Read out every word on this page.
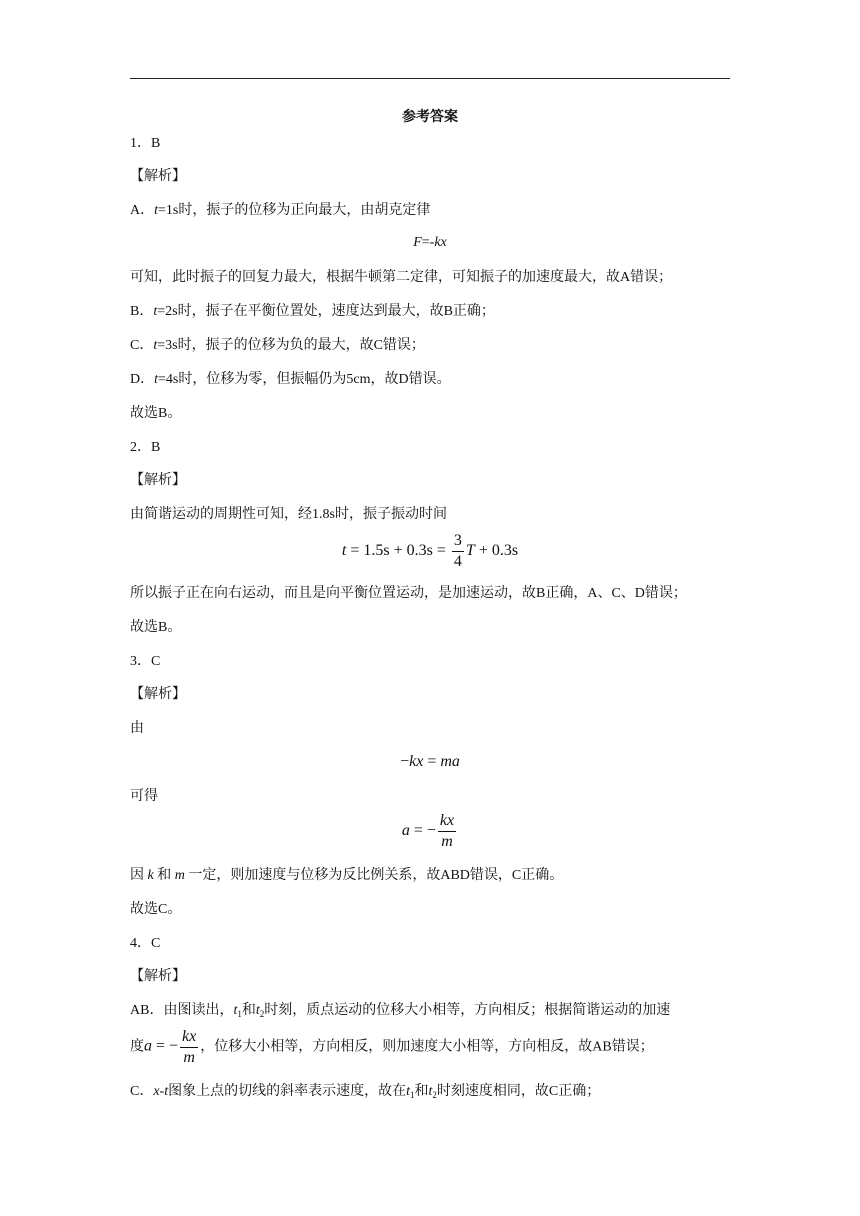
参考答案
1．B
【解析】
A．t=1s时，振子的位移为正向最大，由胡克定律
F=-kx
可知，此时振子的回复力最大，根据牛顿第二定律，可知振子的加速度最大，故A错误；
B．t=2s时，振子在平衡位置处，速度达到最大，故B正确；
C．t=3s时，振子的位移为负的最大，故C错误；
D．t=4s时，位移为零，但振幅仍为5cm，故D错误。
故选B。
2．B
【解析】
由简谐运动的周期性可知，经1.8s时，振子振动时间
$t = 1.5s + 0.3s = \frac{3}{4}$ T + 0.3s
所以振子正在向右运动，而且是向平衡位置运动，是加速运动，故B正确，A、C、D错误；
故选B。
3．C
【解析】
由
−kx = ma
可得
a = − $\frac{kx}{m}$
因 k 和 m 一定，则加速度与位移为反比例关系，故ABD错误，C正确。
故选C。
4．C
【解析】
AB．由图读出，$t_1$和$t_2$时刻，质点运动的位移大小相等，方向相反；根据简谐运动的加速
度a = − $\frac{kx}{m}$ ，位移大小相等，方向相反，则加速度大小相等，方向相反，故AB错误；
C．x-t图象上点的切线的斜率表示速度，故在$t_1$和$t_2$时刻速度相同，故C正确；
